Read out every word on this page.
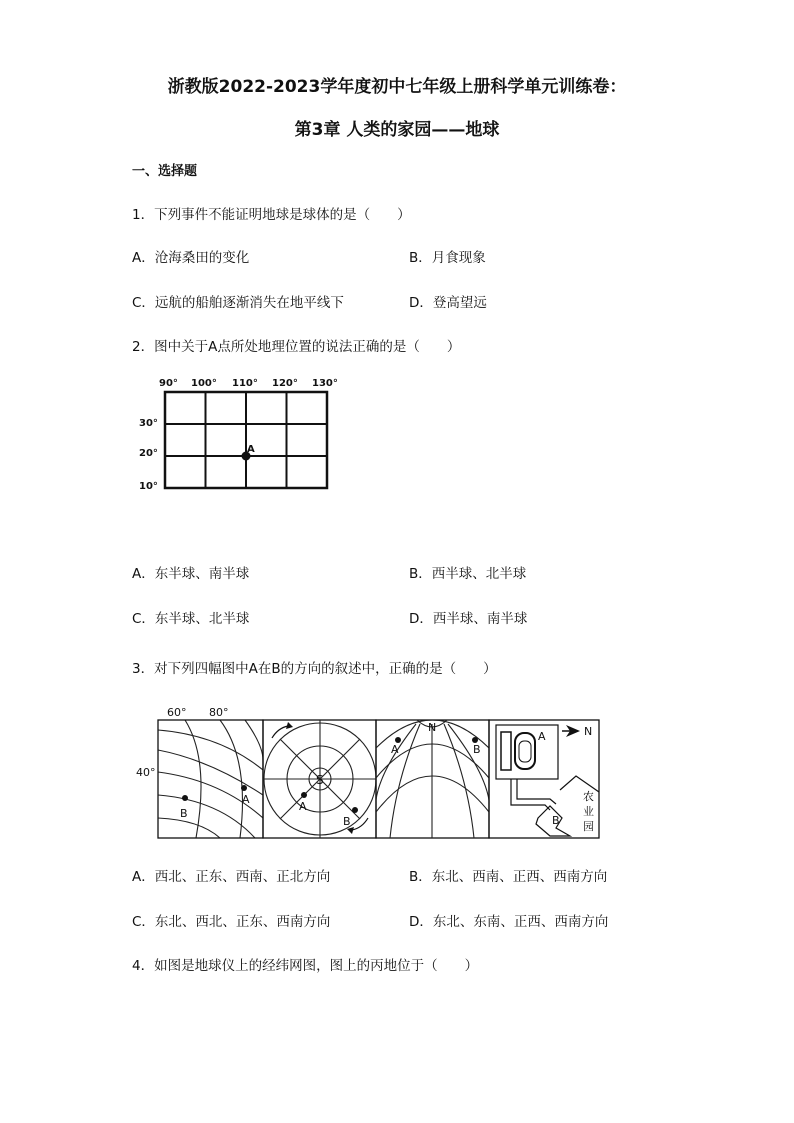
浙教版2022-2023学年度初中七年级上册科学单元训练卷：
第3章 人类的家园——地球
一、选择题
1．下列事件不能证明地球是球体的是（　　）
A．沧海桑田的变化	B．月食现象
C．远航的船舶逐渐消失在地平线下	D．登高望远
2．图中关于A点所处地理位置的说法正确的是（　　）
90° 100° 110° 120° 130°
30°
20°
10°
A
A．东半球、南半球	B．西半球、北半球
C．东半球、北半球	D．西半球、南半球
3．对下列四幅图中A在B的方向的叙述中，正确的是（　　）
60° 80°
40°
B
A
S
A
B
N
A	B
A	N
B
农
业
园
A．西北、正东、西南、正北方向	B．东北、西南、正西、西南方向
C．东北、西北、正东、西南方向	D．东北、东南、正西、西南方向
4．如图是地球仪上的经纬网图，图上的丙地位于（　　）
